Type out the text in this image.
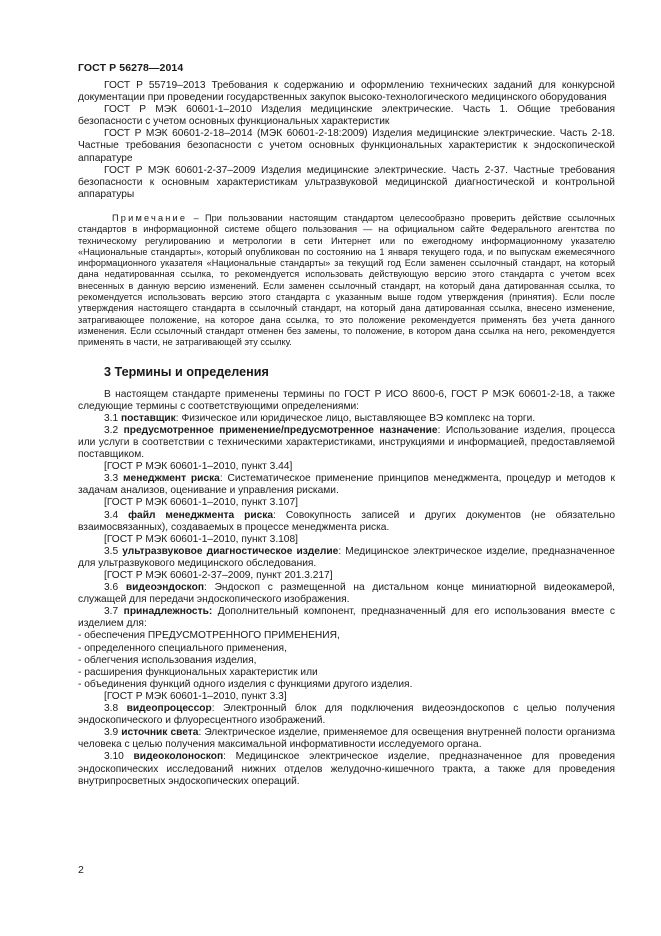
ГОСТ Р 56278—2014

ГОСТ Р 55719–2013 Требования к содержанию и оформлению технических заданий для конкурсной документации при проведении государственных закупок высоко-технологического медицинского оборудования

ГОСТ Р МЭК 60601-1–2010 Изделия медицинские электрические. Часть 1. Общие требования безопасности с учетом основных функциональных характеристик

ГОСТ Р МЭК 60601-2-18–2014 (МЭК 60601-2-18:2009) Изделия медицинские электрические. Часть 2-18. Частные требования безопасности с учетом основных функциональных характеристик к эндоскопической аппаратуре

ГОСТ Р МЭК 60601-2-37–2009 Изделия медицинские электрические. Часть 2-37. Частные требования безопасности к основным характеристикам ультразвуковой медицинской диагностической и контрольной аппаратуры

Примечание – При пользовании настоящим стандартом целесообразно проверить действие ссылочных стандартов в информационной системе общего пользования — на официальном сайте Федерального агентства по техническому регулированию и метрологии в сети Интернет или по ежегодному информационному указателю «Национальные стандарты», который опубликован по состоянию на 1 января текущего года, и по выпускам ежемесячного информационного указателя «Национальные стандарты» за текущий год Если заменен ссылочный стандарт, на который дана недатированная ссылка, то рекомендуется использовать действующую версию этого стандарта с учетом всех внесенных в данную версию изменений. Если заменен ссылочный стандарт, на который дана датированная ссылка, то рекомендуется использовать версию этого стандарта с указанным выше годом утверждения (принятия). Если после утверждения настоящего стандарта в ссылочный стандарт, на который дана датированная ссылка, внесено изменение, затрагивающее положение, на которое дана ссылка, то это положение рекомендуется применять без учета данного изменения. Если ссылочный стандарт отменен без замены, то положение, в котором дана ссылка на него, рекомендуется применять в части, не затрагивающей эту ссылку.

3 Термины и определения

В настоящем стандарте применены термины по ГОСТ Р ИСО 8600-6, ГОСТ Р МЭК 60601-2-18, а также следующие термины с соответствующими определениями:

3.1 поставщик: Физическое или юридическое лицо, выставляющее ВЭ комплекс на торги.

3.2 предусмотренное применение/предусмотренное назначение: Использование изделия, процесса или услуги в соответствии с техническими характеристиками, инструкциями и информацией, предоставляемой поставщиком.

[ГОСТ Р МЭК 60601-1–2010, пункт 3.44]

3.3 менеджмент риска: Систематическое применение принципов менеджмента, процедур и методов к задачам анализов, оценивание и управления рисками.

[ГОСТ Р МЭК 60601-1–2010, пункт 3.107]

3.4 файл менеджмента риска: Совокупность записей и других документов (не обязательно взаимосвязанных), создаваемых в процессе менеджмента риска.

[ГОСТ Р МЭК 60601-1–2010, пункт 3.108]

3.5 ультразвуковое диагностическое изделие: Медицинское электрическое изделие, предназначенное для ультразвукового медицинского обследования.

[ГОСТ Р МЭК 60601-2-37–2009, пункт 201.3.217]

3.6 видеоэндоскоп: Эндоскоп с размещенной на дистальном конце миниатюрной видеокамерой, служащей для передачи эндоскопического изображения.

3.7 принадлежность: Дополнительный компонент, предназначенный для его использования вместе с изделием для:

- обеспечения ПРЕДУСМОТРЕННОГО ПРИМЕНЕНИЯ,

- определенного специального применения,

- облегчения использования изделия,

- расширения функциональных характеристик или

- объединения функций одного изделия с функциями другого изделия.

[ГОСТ Р МЭК 60601-1–2010, пункт 3.3]

3.8 видеопроцессор: Электронный блок для подключения видеоэндоскопов с целью получения эндоскопического и флуоресцентного изображений.

3.9 источник света: Электрическое изделие, применяемое для освещения внутренней полости организма человека с целью получения максимальной информативности исследуемого органа.

3.10 видеоколоноскоп: Медицинское электрическое изделие, предназначенное для проведения эндоскопических исследований нижних отделов желудочно-кишечного тракта, а также для проведения внутрипросветных эндоскопических операций.

2
